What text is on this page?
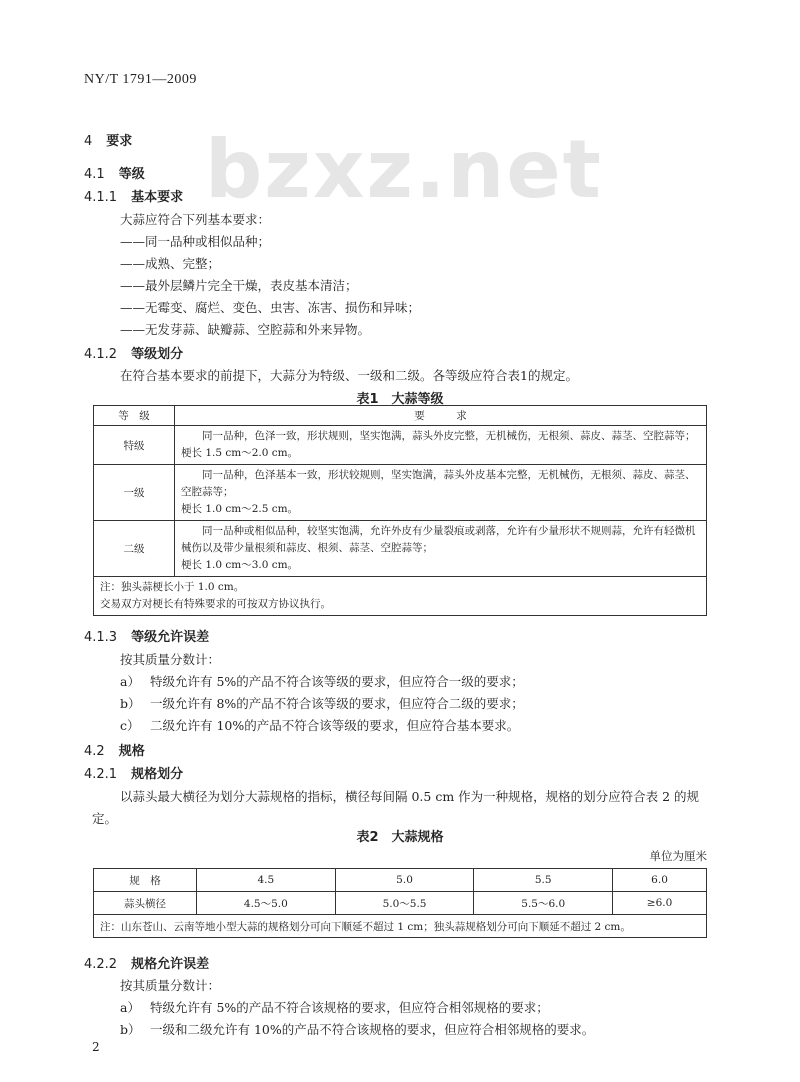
NY/T 1791—2009
bzxz.net
4 要求
4.1 等级
4.1.1 基本要求
大蒜应符合下列基本要求：
——同一品种或相似品种；
——成熟、完整；
——最外层鳞片完全干燥，表皮基本清洁；
——无霉变、腐烂、变色、虫害、冻害、损伤和异味；
——无发芽蒜、缺瓣蒜、空腔蒜和外来异物。
4.1.2 等级划分
在符合基本要求的前提下，大蒜分为特级、一级和二级。各等级应符合表1的规定。
表1　大蒜等级
等　级	要　　　求
特级	同一品种，色泽一致，形状规则，坚实饱满，蒜头外皮完整，无机械伤，无根须、蒜皮、蒜茎、空腔蒜等；
梗长 1.5 cm～2.0 cm。

一级	同一品种，色泽基本一致，形状较规则，坚实饱满，蒜头外皮基本完整，无机械伤，无根须、蒜皮、蒜茎、空腔蒜等；
梗长 1.0 cm～2.5 cm。

二级	同一品种或相似品种，较坚实饱满，允许外皮有少量裂痕或剥落，允许有少量形状不规则蒜，允许有轻微机械伤以及带少量根须和蒜皮、根须、蒜茎、空腔蒜等；
梗长 1.0 cm～3.0 cm。

注：独头蒜梗长小于 1.0 cm。
交易双方对梗长有特殊要求的可按双方协议执行。	
4.1.3 等级允许误差
按其质量分数计：
a） 特级允许有 5%的产品不符合该等级的要求，但应符合一级的要求；
b） 一级允许有 8%的产品不符合该等级的要求，但应符合二级的要求；
c） 二级允许有 10%的产品不符合该等级的要求，但应符合基本要求。
4.2 规格
4.2.1 规格划分
以蒜头最大横径为划分大蒜规格的指标，横径每间隔 0.5 cm 作为一种规格，规格的划分应符合表 2 的规定。
表2　大蒜规格
单位为厘米
规　格	4.5	5.0	5.5	6.0
蒜头横径	4.5～5.0	5.0～5.5	5.5～6.0	≥6.0
注：山东苍山、云南等地小型大蒜的规格划分可向下顺延不超过 1 cm；独头蒜规格划分可向下顺延不超过 2 cm。				
4.2.2 规格允许误差
按其质量分数计：
a） 特级允许有 5%的产品不符合该规格的要求，但应符合相邻规格的要求；
b） 一级和二级允许有 10%的产品不符合该规格的要求，但应符合相邻规格的要求。
2
